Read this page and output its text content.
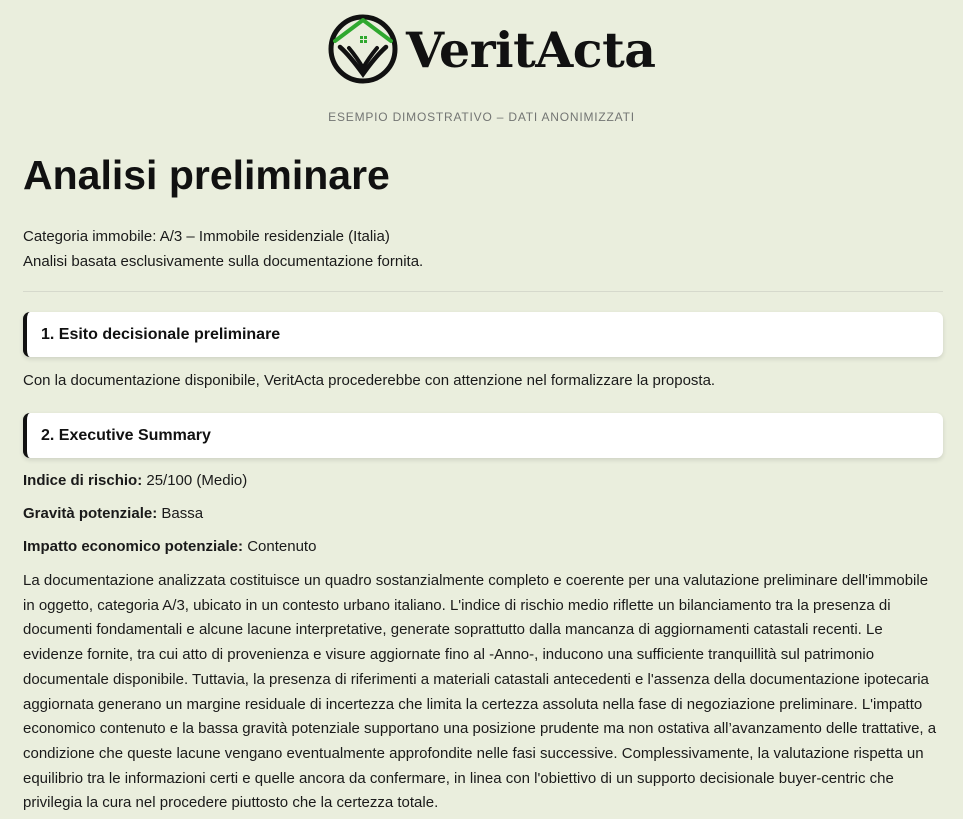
VeritActa
ESEMPIO DIMOSTRATIVO – DATI ANONIMIZZATI
Analisi preliminare
Categoria immobile: A/3 – Immobile residenziale (Italia)
Analisi basata esclusivamente sulla documentazione fornita.
1. Esito decisionale preliminare
Con la documentazione disponibile, VeritActa procederebbe con attenzione nel formalizzare la proposta.
2. Executive Summary
Indice di rischio: 25/100 (Medio)
Gravità potenziale: Bassa
Impatto economico potenziale: Contenuto
La documentazione analizzata costituisce un quadro sostanzialmente completo e coerente per una valutazione preliminare dell'immobile
in oggetto, categoria A/3, ubicato in un contesto urbano italiano. L'indice di rischio medio riflette un bilanciamento tra la presenza di
documenti fondamentali e alcune lacune interpretative, generate soprattutto dalla mancanza di aggiornamenti catastali recenti. Le
evidenze fornite, tra cui atto di provenienza e visure aggiornate fino al -Anno-, inducono una sufficiente tranquillità sul patrimonio
documentale disponibile. Tuttavia, la presenza di riferimenti a materiali catastali antecedenti e l'assenza della documentazione ipotecaria
aggiornata generano un margine residuale di incertezza che limita la certezza assoluta nella fase di negoziazione preliminare. L'impatto
economico contenuto e la bassa gravità potenziale supportano una posizione prudente ma non ostativa all’avanzamento delle trattative, a
condizione che queste lacune vengano eventualmente approfondite nelle fasi successive. Complessivamente, la valutazione rispetta un
equilibrio tra le informazioni certi e quelle ancora da confermare, in linea con l'obiettivo di un supporto decisionale buyer-centric che
privilegia la cura nel procedere piuttosto che la certezza totale.
